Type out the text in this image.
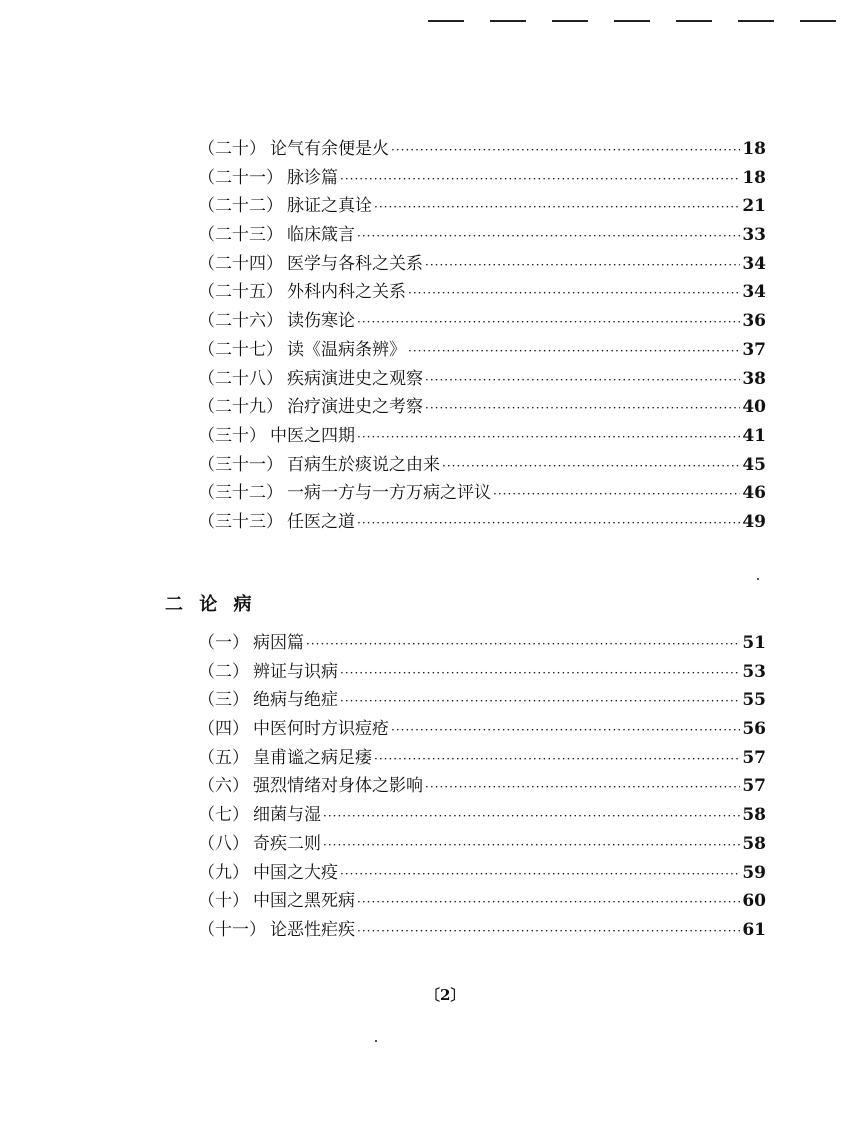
（二十） 论气有余便是火 ·····	18
（二十一） 脉诊篇 ·····	18
（二十二） 脉证之真诠 ·····	21
（二十三） 临床箴言 ·····	33
（二十四） 医学与各科之关系 ·····	34
（二十五） 外科内科之关系 ·····	34
（二十六） 读伤寒论 ·····	36
（二十七） 读《温病条辨》 ·····	37
（二十八） 疾病演进史之观察 ·····	38
（二十九） 治疗演进史之考察 ·····	40
（三十） 中医之四期 ·····	41
（三十一） 百病生於痰说之由来 ·····	45
（三十二） 一病一方与一方万病之评议 ·····	46
（三十三） 任医之道 ·····	49
二 论 病
（一） 病因篇 ·····	51
（二） 辨证与识病 ·····	53
（三） 绝病与绝症 ·····	55
（四） 中医何时方识痘疮 ·····	56
（五） 皇甫谧之病足痿 ·····	57
（六） 强烈情绪对身体之影响 ·····	57
（七） 细菌与湿 ·····	58
（八） 奇疾二则 ·····	58
（九） 中国之大疫 ·····	59
（十） 中国之黑死病 ·····	60
（十一） 论恶性疟疾 ·····	61
〔2〕
